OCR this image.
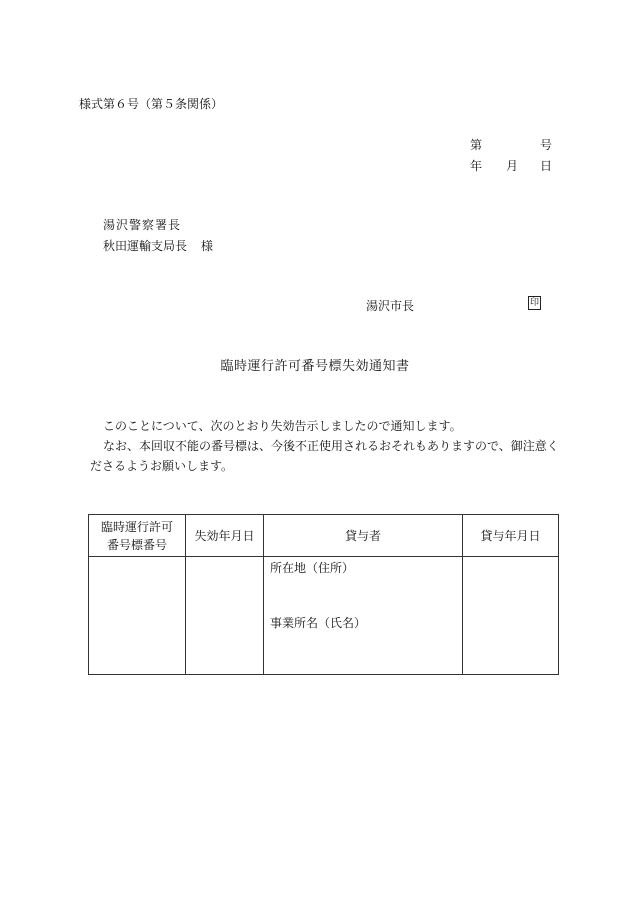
様式第６号（第５条関係）
第	号
年 月 日
湯沢警察署長
秋田運輸支局長 様
湯沢市長	印
臨時運行許可番号標失効通知書
このことについて、次のとおり失効告示しましたので通知します。
なお、本回収不能の番号標は、今後不正使用されるおそれもありますので、御注意く
ださるようお願いします。
臨時運行許可
番号標番号	失効年月日	貸与者	貸与年月日

		所在地（住所）
事業所名（氏名）	
